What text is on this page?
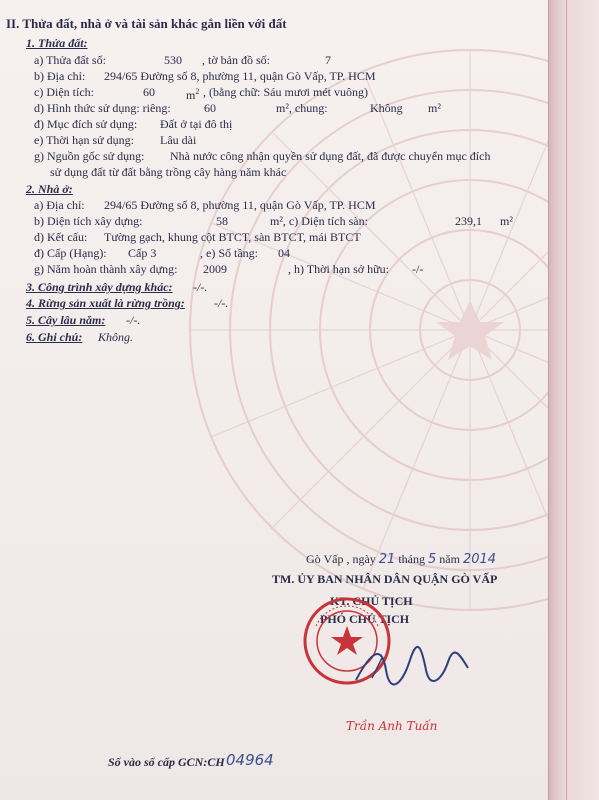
II. Thửa đất, nhà ở và tài sản khác gắn liền với đất
1. Thửa đất:
a) Thửa đất số:	530 , tờ bản đồ số:	7
b) Địa chỉ: 294/65 Đường số 8, phường 11, quận Gò Vấp, TP. HCM
c) Diện tích:	60	$m^2$ , (bằng chữ: Sáu mươi mét vuông)
d) Hình thức sử dụng: riêng:	60	m², chung:	Không m²
đ) Mục đích sử dụng: Đất ở tại đô thị
e) Thời hạn sử dụng: Lâu dài
g) Nguồn gốc sử dụng: Nhà nước công nhận quyền sử dụng đất, đã được chuyển mục đích
sử dụng đất từ đất bằng trồng cây hàng năm khác
2. Nhà ở:
a) Địa chỉ: 294/65 Đường số 8, phường 11, quận Gò Vấp, TP. HCM
b) Diện tích xây dựng:	58	m², c) Diện tích sàn:	239,1 m²
d) Kết cấu: Tường gạch, khung cột BTCT, sàn BTCT, mái BTCT
đ) Cấp (Hạng): Cấp 3	, e) Số tầng: 04
g) Năm hoàn thành xây dựng: 2009	, h) Thời hạn sở hữu: -/-
3. Công trình xây dựng khác: -/-.
4. Rừng sản xuất là rừng trồng: -/-.
5. Cây lâu năm: -/-.
6. Ghi chú: Không.
Gò Vấp , ngày 21 tháng 5 năm 2014
TM. ỦY BAN NHÂN DÂN QUẬN GÒ VẤP
KT. CHỦ TỊCH
PHÓ CHỦ TỊCH
Trần Anh Tuấn
Số vào sổ cấp GCN:CH 04964
